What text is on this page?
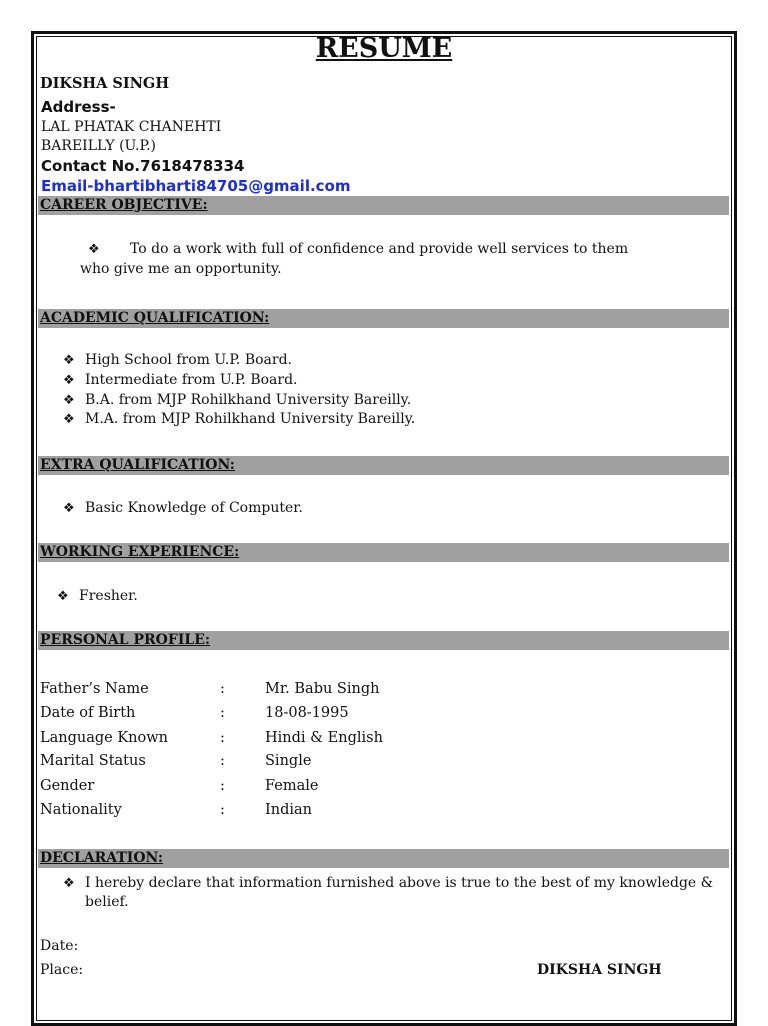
RESUME
DIKSHA SINGH
Address-
LAL PHATAK CHANEHTI
BAREILLY (U.P.)
Contact No.7618478334
Email-bhartibharti84705@gmail.com
CAREER OBJECTIVE:
❖ To do a work with full of confidence and provide well services to them
who give me an opportunity.
ACADEMIC QUALIFICATION:
❖ High School from U.P. Board.
❖ Intermediate from U.P. Board.
❖ B.A. from MJP Rohilkhand University Bareilly.
❖ M.A. from MJP Rohilkhand University Bareilly.
EXTRA QUALIFICATION:
❖ Basic Knowledge of Computer.
WORKING EXPERIENCE:
❖ Fresher.
PERSONAL PROFILE:
Father’s Name	:	Mr. Babu Singh
Date of Birth	:	18-08-1995
Language Known	:	Hindi & English
Marital Status	:	Single
Gender	:	Female
Nationality	:	Indian
DECLARATION:
❖ I hereby declare that information furnished above is true to the best of my knowledge &
belief.
Date:
Place:	DIKSHA SINGH
